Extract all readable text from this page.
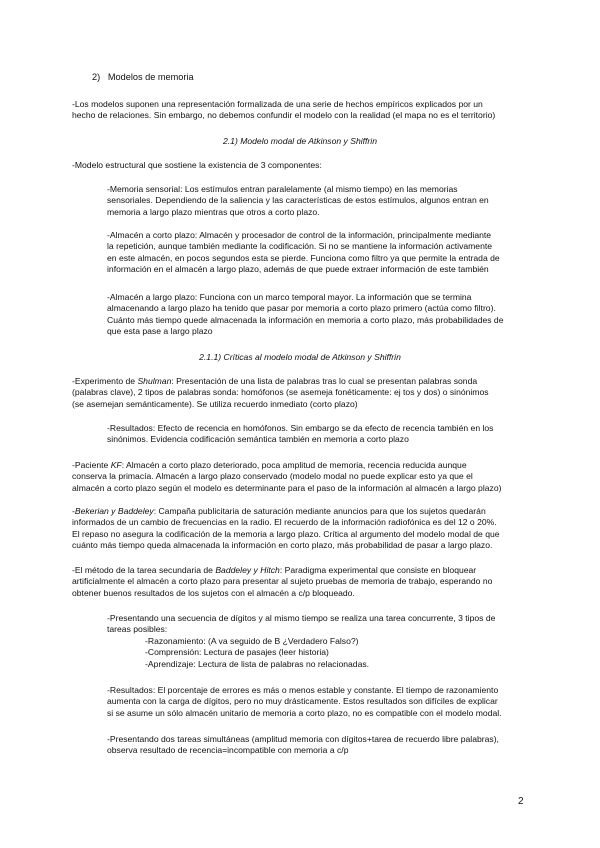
2) Modelos de memoria
-Los modelos suponen una representación formalizada de una serie de hechos empíricos explicados por un
hecho de relaciones. Sin embargo, no debemos confundir el modelo con la realidad (el mapa no es el territorio)
2.1) Modelo modal de Atkinson y Shiffrin
-Modelo estructural que sostiene la existencia de 3 componentes:
-Memoria sensorial: Los estímulos entran paralelamente (al mismo tiempo) en las memorias
sensoriales. Dependiendo de la saliencia y las características de estos estímulos, algunos entran en
memoria a largo plazo mientras que otros a corto plazo.
-Almacén a corto plazo: Almacén y procesador de control de la información, principalmente mediante
la repetición, aunque también mediante la codificación. Si no se mantiene la información activamente
en este almacén, en pocos segundos esta se pierde. Funciona como filtro ya que permite la entrada de
información en el almacén a largo plazo, además de que puede extraer información de este también
-Almacén a largo plazo: Funciona con un marco temporal mayor. La información que se termina
almacenando a largo plazo ha tenido que pasar por memoria a corto plazo primero (actúa como filtro).
Cuánto más tiempo quede almacenada la información en memoria a corto plazo, más probabilidades de
que esta pase a largo plazo
2.1.1) Críticas al modelo modal de Atkinson y Shiffrin
-Experimento de Shulman: Presentación de una lista de palabras tras lo cual se presentan palabras sonda
(palabras clave), 2 tipos de palabras sonda: homófonos (se asemeja fonéticamente: ej tos y dos) o sinónimos
(se asemejan semánticamente). Se utiliza recuerdo inmediato (corto plazo)
-Resultados: Efecto de recencia en homófonos. Sin embargo se da efecto de recencia también en los
sinónimos. Evidencia codificación semántica también en memoria a corto plazo
-Paciente KF: Almacén a corto plazo deteriorado, poca amplitud de memoria, recencia reducida aunque
conserva la primacía. Almacén a largo plazo conservado (modelo modal no puede explicar esto ya que el
almacén a corto plazo según el modelo es determinante para el paso de la información al almacén a largo plazo)
-Bekerian y Baddeley: Campaña publicitaria de saturación mediante anuncios para que los sujetos quedarán
informados de un cambio de frecuencias en la radio. El recuerdo de la información radiofónica es del 12 o 20%.
El repaso no asegura la codificación de la memoria a largo plazo. Crítica al argumento del modelo modal de que
cuánto más tiempo queda almacenada la información en corto plazo, más probabilidad de pasar a largo plazo.
-El método de la tarea secundaria de Baddeley y Hitch: Paradigma experimental que consiste en bloquear
artificialmente el almacén a corto plazo para presentar al sujeto pruebas de memoria de trabajo, esperando no
obtener buenos resultados de los sujetos con el almacén a c/p bloqueado.
-Presentando una secuencia de dígitos y al mismo tiempo se realiza una tarea concurrente, 3 tipos de
tareas posibles:
-Razonamiento: (A va seguido de B ¿Verdadero Falso?)
-Comprensión: Lectura de pasajes (leer historia)
-Aprendizaje: Lectura de lista de palabras no relacionadas.
-Resultados: El porcentaje de errores es más o menos estable y constante. El tiempo de razonamiento
aumenta con la carga de dígitos, pero no muy drásticamente. Estos resultados son difíciles de explicar
si se asume un sólo almacén unitario de memoria a corto plazo, no es compatible con el modelo modal.
-Presentando dos tareas simultáneas (amplitud memoria con dígitos+tarea de recuerdo libre palabras),
observa resultado de recencia=incompatible con memoria a c/p
2
